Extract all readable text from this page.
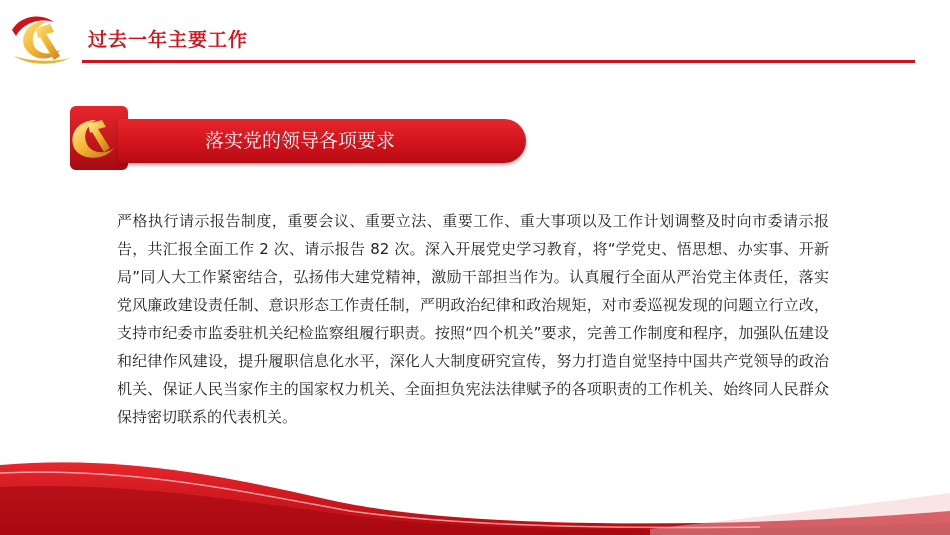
过去一年主要工作
落实党的领导各项要求

严格执行请示报告制度，重要会议、重要立法、重要工作、重大事项以及工作计划调整及时向市委请示报告，共汇报全面工作 2 次、请示报告 82 次。深入开展党史学习教育，将“学党史、悟思想、办实事、开新局”同人大工作紧密结合，弘扬伟大建党精神，激励干部担当作为。认真履行全面从严治党主体责任，落实党风廉政建设责任制、意识形态工作责任制，严明政治纪律和政治规矩，对市委巡视发现的问题立行立改，支持市纪委市监委驻机关纪检监察组履行职责。按照“四个机关”要求，完善工作制度和程序，加强队伍建设和纪律作风建设，提升履职信息化水平，深化人大制度研究宣传，努力打造自觉坚持中国共产党领导的政治机关、保证人民当家作主的国家权力机关、全面担负宪法法律赋予的各项职责的工作机关、始终同人民群众保持密切联系的代表机关。
